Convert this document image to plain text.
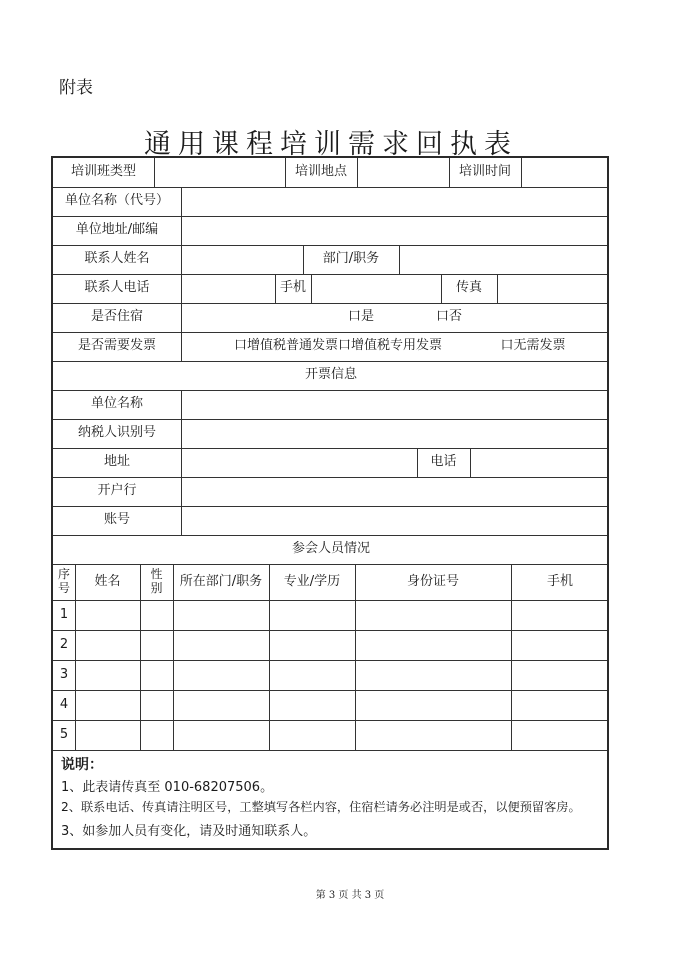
附表
通用课程培训需求回执表
培训班类型	培训地点	培训时间
单位名称（代号）
单位地址/邮编
联系人姓名	部门/职务
联系人电话	手机	传真
是否住宿	口是	口否
是否需要发票	口增值税普通发票口增值税专用发票	口无需发票
开票信息
单位名称
纳税人识别号
地址	电话
开户行
账号
参会人员情况
序号	姓名	性别	所在部门/职务	专业/学历	身份证号	手机
1
2
3
4
5
说明：
1、此表请传真至 010-68207506。
2、联系电话、传真请注明区号，工整填写各栏内容，住宿栏请务必注明是或否，以便预留客房。
3、如参加人员有变化，请及时通知联系人。
第 3 页 共 3 页
